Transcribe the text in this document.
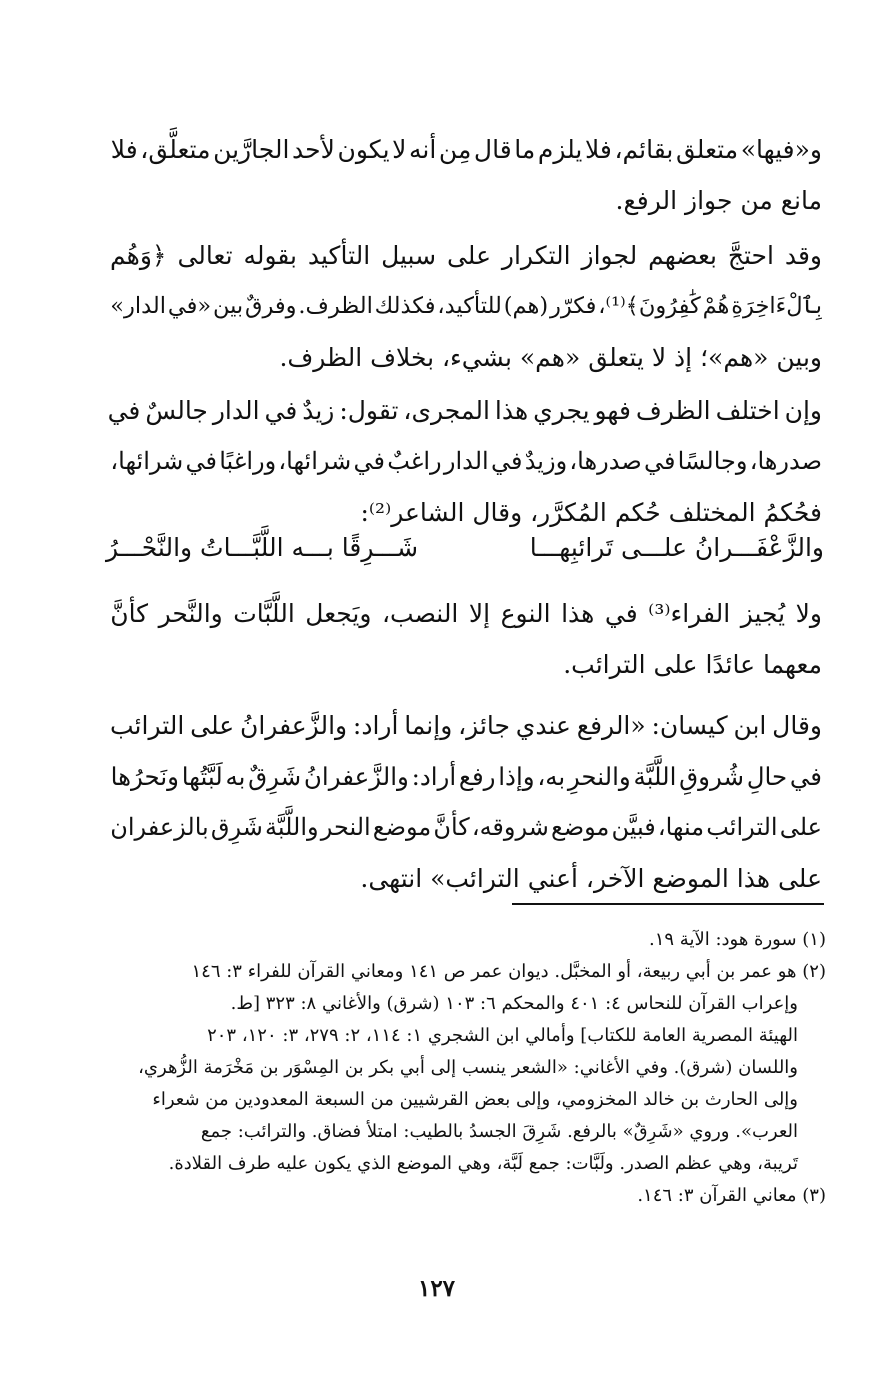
و«فيها» متعلق بقائم، فلا يلزم ما قال مِن أنه لا يكون لأحد الجارَّين متعلَّق، فلا
مانع من جواز الرفع.
وقد احتجَّ بعضهم لجواز التكرار على سبيل التأكيد بقوله تعالى ﴿وَهُم
بِٱلْءَاخِرَةِ هُمْ كَٰفِرُونَ﴾⁽¹⁾، فكرّر (هم) للتأكيد، فكذلك الظرف. وفرقٌ بين «في الدار»
وبين «هم»؛ إذ لا يتعلق «هم» بشيء، بخلاف الظرف.
وإن اختلف الظرف فهو يجري هذا المجرى، تقول: زيدٌ في الدار جالسٌ في
صدرها، وجالسًا في صدرها، وزيدٌ في الدار راغبٌ في شرائها، وراغبًا في شرائها،
فحُكمُ المختلف حُكم المُكرَّر، وقال الشاعر⁽²⁾:
والزَّعْفَـــرانُ علـــى تَرائبِهـــا
شَـــرِقًا بـــه اللَّبَّـــاتُ والنَّحْـــرُ
ولا يُجيز الفراء⁽³⁾ في هذا النوع إلا النصب، ويَجعل اللَّبَّات والنَّحر كأنَّ
معهما عائدًا على الترائب.
وقال ابن كيسان: «الرفع عندي جائز، وإنما أراد: والزَّعفرانُ على الترائب
في حالِ شُروقِ اللَّبَّة والنحرِ به، وإذا رفع أراد: والزَّعفرانُ شَرِقٌ به لَبَّتُها ونَحرُها
على الترائب منها، فبيَّن موضع شروقه، كأنَّ موضع النحر واللَّبَّة شَرِق بالزعفران
على هذا الموضع الآخر، أعني الترائب» انتهى.
(١) سورة هود: الآية ١٩.
(٢) هو عمر بن أبي ربيعة، أو المخبَّل. ديوان عمر ص ١٤١ ومعاني القرآن للفراء ٣: ١٤٦
وإعراب القرآن للنحاس ٤: ٤٠١ والمحكم ٦: ١٠٣ (شرق) والأغاني ٨: ٣٢٣ [ط.
الهيئة المصرية العامة للكتاب] وأمالي ابن الشجري ١: ١١٤، ٢: ٢٧٩، ٣: ١٢٠، ٢٠٣
واللسان (شرق). وفي الأغاني: «الشعر ينسب إلى أبي بكر بن المِسْوَر بن مَخْرَمة الزُّهري،
وإلى الحارث بن خالد المخزومي، وإلى بعض القرشيين من السبعة المعدودين من شعراء
العرب». وروي «شَرِقٌ» بالرفع. شَرِقَ الجسدُ بالطيب: امتلأ فضاق. والترائب: جمع
تَريبة، وهي عظم الصدر. ولَبَّات: جمع لَبَّة، وهي الموضع الذي يكون عليه طرف القلادة.
(٣) معاني القرآن ٣: ١٤٦.
١٢٧
